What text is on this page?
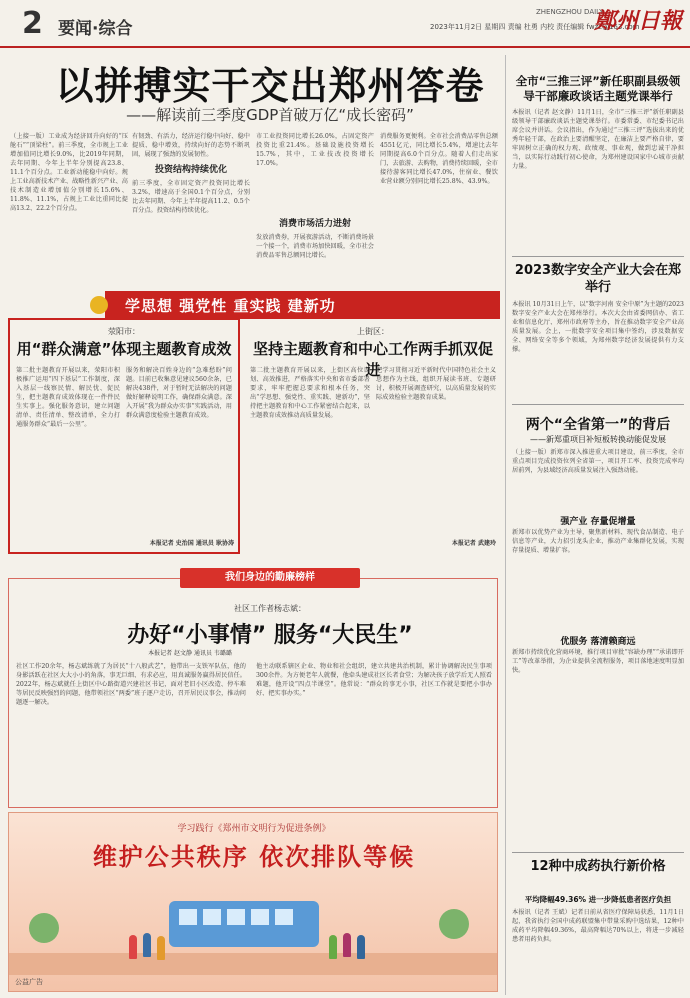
2 要闻·综合	2023年11月2日 星期四 责编 杜勇 内校 责任编辑 fwzz@163.com
ZHENGZHOU DAILY
鄭州日報
以拼搏实干交出郑州答卷
——解读前三季度GDP首破万亿“成长密码”
（上接一版）工业成为经济回升向好的“压舱石”“顶梁柱”。前三季度，全市规上工业增加值同比增长9.0%，比2019年同期，去年同期、今年上半年分别提高23.8、11.1个百分点。工业新动能稳中向好。规上工业高新技术产业、战略性新兴产业、高技术制造业增加值分别增长15.6%、11.8%、11.1%，占规上工业比重同比提高13.2、22.2个百分点。
有韧劲、有活力，经济运行稳中向好、稳中提质、稳中增效，持续向好的态势不断巩固，展现了强劲的发展韧性。
投资结构持续优化
前三季度，全市固定资产投资同比增长3.2%，增速高于全国0.1个百分点，分别比去年同期、今年上半年提高11.2、0.5个百分点。投资结构持续优化。
市工业投资同比增长26.0%，占固定资产投资比重21.4%。基础设施投资增长15.7%，其中，工业技改投资增长17.0%。
消费市场活力进射
发放消费券，开展夜游活动，不断消费场景一个接一个，消费市场加快回暖，全市社会消费品零售总额同比增长。
消费服务更便利。全市社会消费品零售总额4551亿元，同比增长5.4%，增速比去年同期提高6.0个百分点。随着人们走出家门，去旅游、去购物，消费持续回暖，全市接待游客同比增长47.0%，住宿业、餐饮业营业额分别同比增长25.8%、43.9%。
学思想 强党性 重实践 建新功
荥阳市：
用“群众满意”体现主题教育成效
第二批主题教育开展以来，荥阳市积极推广运用“四下基层”工作制度，深入基层一线察民情、解民忧、促民生，把主题教育成效体现在一件件民生实事上。强化服务意识，建立问题清单、责任清单、整改清单，全力打通服务群众“最后一公里”。
服务和解决百姓身边的“急难愁盼”问题。目前已收集意见建议560余条，已解决438件，对于暂时无法解决的问题做好解释说明工作，确保群众满意。深入开展“我为群众办实事”实践活动，用群众满意度检验主题教育成效。
本报记者 史治国 通讯员 耿协涛
上街区：
坚持主题教育和中心工作两手抓双促进
第二批主题教育开展以来，上街区高位谋划、高效推进，严格落实中央和省市委部署要求，牢牢把握总要求和根本任务，突出“学思想、强党性、重实践、建新功”，坚持把主题教育和中心工作紧密结合起来，以主题教育成效推动高质量发展。
把学习贯彻习近平新时代中国特色社会主义思想作为主线，组织开展读书班、专题研讨，积极开展调查研究，以高质量发展的实际成效检验主题教育成果。
本报记者 武建玲
我们身边的勤廉榜样
社区工作者杨志斌：
办好“小事情” 服务“大民生”
本报记者 赵文静 通讯员 韦璐璐
社区工作20余年，杨志斌练就了为居民“十八般武艺”，他带出一支铁军队伍，他的身影活跃在社区大大小小的角落，事无巨细、有求必应，用真诚服务赢得居民信任。2022年，杨志斌就任上街区中心路街道兴建社区书记，面对老旧小区改造、停车难等居民反映强烈的问题，他带领社区“两委”班子逐户走访，召开居民议事会，推动问题逐一解决。
他主动联系辖区企业、物业和社会组织，建立共建共治机制，累计协调解决民生事项300余件。为方便老年人就餐，他牵头建成社区长者食堂；为解决孩子放学后无人照看难题，他开设“四点半课堂”。他常说：“群众的事无小事，社区工作就是要把小事办好、把实事办实。”
学习践行《郑州市文明行为促进条例》
维护公共秩序 依次排队等候
公益广告
全市“三推三评”新任职副县级领导干部廉政谈话主题党课举行
本报讯（记者 赵文静）11月1日，全市“三推三评”新任职副县级领导干部廉政谈话主题党课举行。市委常委、市纪委书记出席会议并讲话。会议指出，作为通过“三推三评”选拔出来的优秀年轻干部，在政治上要清醒坚定，在廉洁上要严格自律，要牢固树立正确的权力观、政绩观、事业观，做到忠诚干净担当，以实际行动践行初心使命，为郑州建设国家中心城市贡献力量。
2023数字安全产业大会在郑举行
本报讯 10月31日上午，以“数字河南 安全中原”为主题的2023数字安全产业大会在郑州举行。本次大会由省委网信办、省工业和信息化厅、郑州市政府等主办，旨在推动数字安全产业高质量发展。会上，一批数字安全项目集中签约，涉及数据安全、网络安全等多个领域，为郑州数字经济发展提供有力支撑。
两个“全省第一”的背后
——新郑重项目补短板转换动能促发展
（上接一版）新郑市深入推进重大项目建设，前三季度，全市重点项目完成投资位列全省第一，项目开工率、投资完成率均居前列，为县域经济高质量发展注入强劲动能。
强产业 存量促增量
新郑市以优势产业为主导，聚焦新材料、现代食品制造、电子信息等产业，大力招引龙头企业，推动产业集群化发展，实现存量提质、增量扩容。
优服务 落清赖商远
新郑市持续优化营商环境，推行项目审批“容缺办理”“承诺即开工”等改革举措，为企业提供全流程服务，项目落地速度明显加快。
12种中成药执行新价格
平均降幅49.36% 进一步降低患者医疗负担
本报讯（记者 王斌）记者日前从省医疗保障局获悉，11月1日起，我省执行全国中成药联盟集中带量采购中选结果，12种中成药平均降幅49.36%，最高降幅达70%以上，将进一步减轻患者用药负担。
